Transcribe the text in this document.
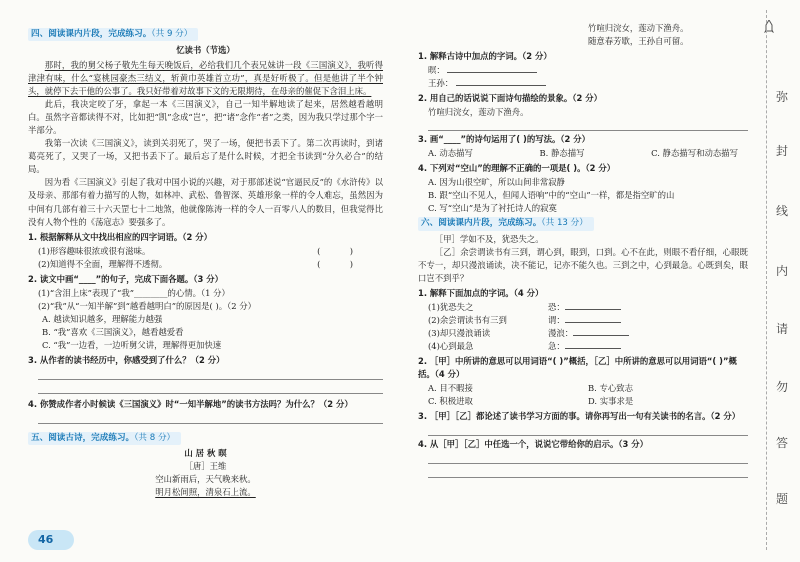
四、阅读课内片段，完成练习。（共 9 分）

忆读书（节选）

那时，我的舅父杨子敬先生每天晚饭后，必给我们几个表兄妹讲一段《三国演义》，我听得津津有味，什么“宴桃园豪杰三结义，斩黄巾英雄首立功”，真是好听极了。但是他讲了半个钟头，就停下去干他的公事了。我只好带着对故事下文的无限期待，在母亲的催促下含泪上床。

此后，我决定咬了牙，拿起一本《三国演义》，自己一知半解地读了起来，居然越看越明白。虽然字音都读得不对，比如把“凯”念成“岂”，把“诸”念作“者”之类，因为我只学过那个字一半部分。

我第一次读《三国演义》，读到关羽死了，哭了一场，便把书丢下了。第二次再读时，到诸葛亮死了，又哭了一场，又把书丢下了。最后忘了是什么时候，才把全书读到“分久必合”的结局。

因为看《三国演义》引起了我对中国小说的兴趣，对于那部述说“官逼民反”的《水浒传》以及母亲、那部有着力描写的人物，如林冲、武松、鲁智深、英雄形象一样的令人难忘，虽然因为中间有几部有着三十六天罡七十二地煞，他就像陈涛一样的令人一百零八人的数目，但我觉得比没有人物个性的《荡寇志》要强多了。

1. 根据解释从文中找出相应的四字词语。（2 分）

(1)形容趣味很浓或很有滋味。	(           )

(2)知道得不全面，理解得不透彻。	(           )

2. 读文中画“____”的句子，完成下面各题。（3 分）

(1)“含泪上床”表现了“我”________的心情。（1 分）

(2)“我”从“一知半解”到“越看越明白”的原因是( )。（2 分）

A. 越读知识越多，理解能力越强

B. “我”喜欢《三国演义》，越看越爱看

C. “我”一边看，一边听舅父讲，理解得更加快速

3. 从作者的读书经历中，你感受到了什么？（2 分）

4. 你赞成作者小时候读《三国演义》时“一知半解地”的读书方法吗？为什么？（2 分）

五、阅读古诗，完成练习。（共 8 分）

山 居 秋 暝

［唐］王维

空山新雨后，天气晚来秋。

明月松间照，清泉石上流。

竹喧归浣女，莲动下渔舟。

随意春芳歇，王孙自可留。

1. 解释古诗中加点的字词。（2 分）

暝：

王孙：

2. 用自己的话说说下面诗句描绘的景象。（2 分）

竹喧归浣女，莲动下渔舟。

3. 画“____”的诗句运用了( )的写法。（2 分）

A. 动态描写	B. 静态描写	C. 静态描写和动态描写

4. 下列对“空山”的理解不正确的一项是( )。（2 分）

A. 因为山很空旷，所以山间非常寂静

B. 跟“空山不见人，但闻人语响”中的“空山”一样，都是指空旷的山

C. 写“空山”是为了衬托诗人的寂寞

六、阅读课内片段，完成练习。（共 13 分）

［甲］学如不及，犹恐失之。

［乙］余尝谓读书有三到，谓心到，眼到，口到。心不在此，则眼不看仔细，心眼既不专一，却只漫浪诵读，决不能记，记亦不能久也。三到之中，心到最急。心既到矣，眼口岂不到乎？

1. 解释下面加点的字词。（4 分）

(1)犹恐失之	恐：

(2)余尝谓读书有三到	谓：

(3)却只漫浪诵读	漫浪：

(4)心到最急	急：

2. ［甲］中所讲的意思可以用词语“( )”概括，［乙］中所讲的意思可以用词语“( )”概括。（4 分）

A. 目不暇接	B. 专心致志
C. 积极进取	D. 实事求是

3. ［甲］［乙］都论述了读书学习方面的事。请你再写出一句有关读书的名言。（2 分）

4. 从［甲］［乙］中任选一个，说说它带给你的启示。（3 分）

弥
封
线
内
请
勿
答
题
46
